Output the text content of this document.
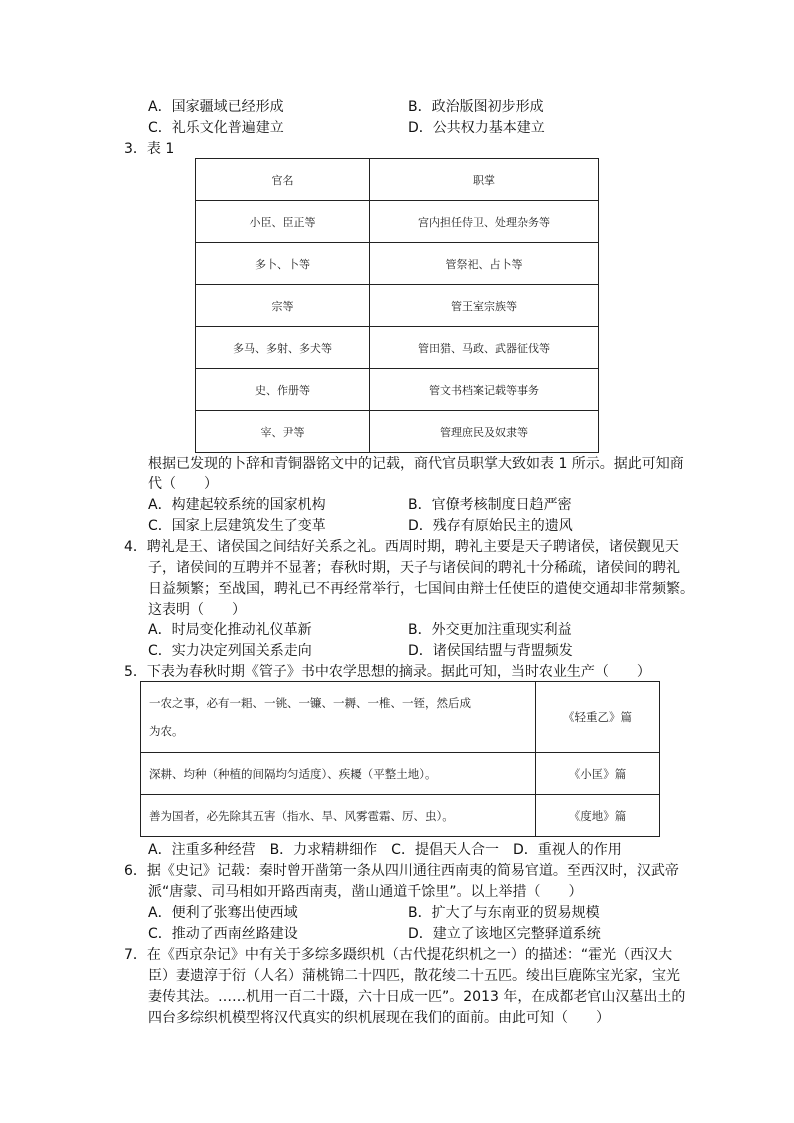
A．国家疆域已经形成	B．政治版图初步形成
C．礼乐文化普遍建立	D．公共权力基本建立
3．表 1
官名	职掌
小臣、臣正等	宫内担任侍卫、处理杂务等
多卜、卜等	管祭祀、占卜等
宗等	管王室宗族等
多马、多射、多犬等	管田猎、马政、武器征伐等
史、作册等	管文书档案记载等事务
宰、尹等	管理庶民及奴隶等
根据已发现的卜辞和青铜器铭文中的记载，商代官员职掌大致如表 1 所示。据此可知商
代（　　）
A．构建起较系统的国家机构	B．官僚考核制度日趋严密
C．国家上层建筑发生了变革	D．残存有原始民主的遗风
4．聘礼是王、诸侯国之间结好关系之礼。西周时期，聘礼主要是天子聘诸侯，诸侯觐见天
子，诸侯间的互聘并不显著；春秋时期，天子与诸侯间的聘礼十分稀疏，诸侯间的聘礼
日益频繁；至战国，聘礼已不再经常举行，七国间由辩士任使臣的遣使交通却非常频繁。
这表明（　　）
A．时局变化推动礼仪革新	B．外交更加注重现实利益
C．实力决定列国关系走向	D．诸侯国结盟与背盟频发
5．下表为春秋时期《管子》书中农学思想的摘录。据此可知，当时农业生产（　　）
一农之事，必有一耜、一铫、一镰、一耨、一椎、一铚，然后成
为农。	《轻重乙》篇
深耕、均种（种植的间隔均匀适度）、疾耰（平整土地）。	《小匡》篇
善为国者，必先除其五害（指水、旱、风雾雹霜、厉、虫）。	《度地》篇
A．注重多种经营　B．力求精耕细作　C．提倡天人合一　D．重视人的作用
6．据《史记》记载：秦时曾开凿第一条从四川通往西南夷的简易官道。至西汉时，汉武帝
派“唐蒙、司马相如开路西南夷，凿山通道千馀里”。以上举措（　　）
A．便利了张骞出使西域	B．扩大了与东南亚的贸易规模
C．推动了西南丝路建设	D．建立了该地区完整驿道系统
7．在《西京杂记》中有关于多综多蹑织机（古代提花织机之一）的描述：“霍光（西汉大
臣）妻遗淳于衍（人名）蒲桃锦二十四匹，散花绫二十五匹。绫出巨鹿陈宝光家，宝光
妻传其法。……机用一百二十蹑，六十日成一匹”。2013 年，在成都老官山汉墓出土的
四台多综织机模型将汉代真实的织机展现在我们的面前。由此可知（　　）
